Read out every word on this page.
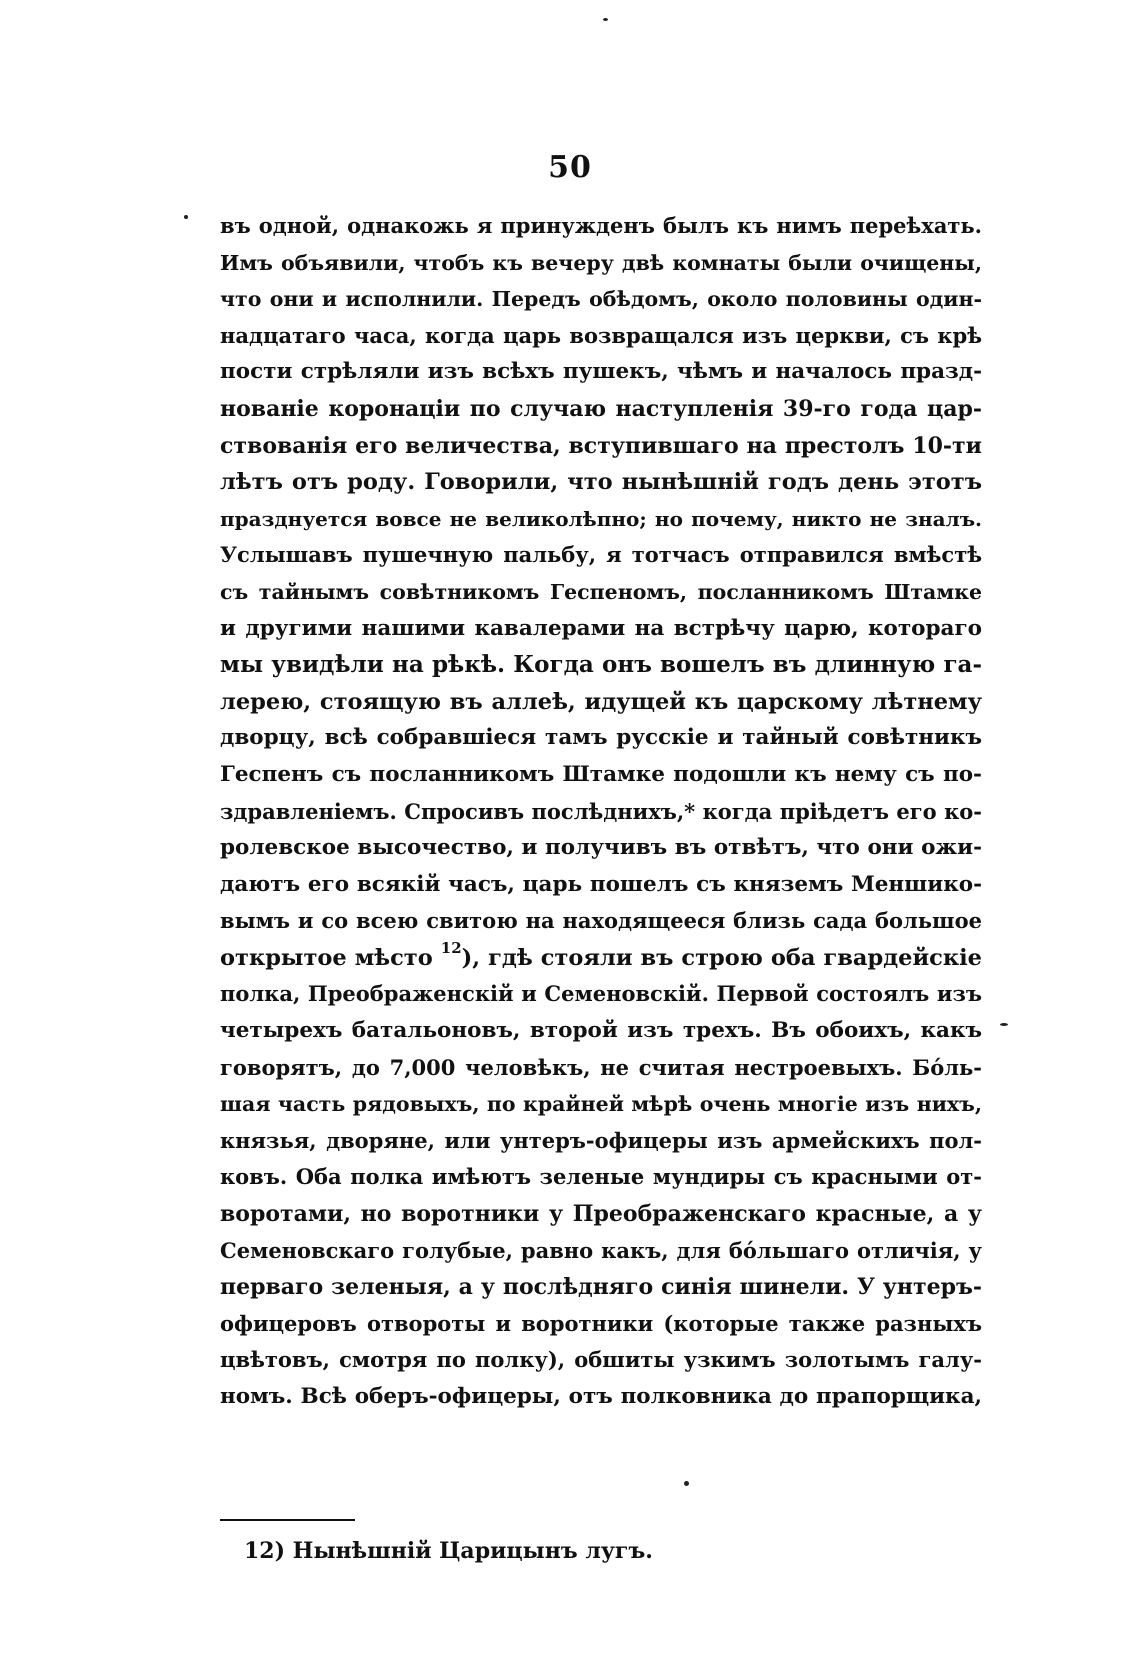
50
въ одной, однакожь я принужденъ былъ къ нимъ переѣхать.
Имъ объявили, чтобъ къ вечеру двѣ комнаты были очищены,
что они и исполнили. Передъ обѣдомъ, около половины один-
надцатаго часа, когда царь возвращался изъ церкви, съ крѣ
пости стрѣляли изъ всѣхъ пушекъ, чѣмъ и началось празд-
нованіе коронаціи по случаю наступленія 39-го года цар-
ствованія его величества, вступившаго на престолъ 10-ти
лѣтъ отъ роду. Говорили, что нынѣшній годъ день этотъ
празднуется вовсе не великолѣпно; но почему, никто не зналъ.
Услышавъ пушечную пальбу, я тотчасъ отправился вмѣстѣ
съ тайнымъ совѣтникомъ Геспеномъ, посланникомъ Штамке
и другими нашими кавалерами на встрѣчу царю, котораго
мы увидѣли на рѣкѣ. Когда онъ вошелъ въ длинную га-
лерею, стоящую въ аллеѣ, идущей къ царскому лѣтнему
дворцу, всѣ собравшіеся тамъ русскіе и тайный совѣтникъ
Геспенъ съ посланникомъ Штамке подошли къ нему съ по-
здравленіемъ. Спросивъ послѣднихъ,* когда пріѣдетъ его ко-
ролевское высочество, и получивъ въ отвѣтъ, что они ожи-
даютъ его всякій часъ, царь пошелъ съ княземъ Меншико-
вымъ и со всею свитою на находящееся близь сада большое
открытое мѣсто $^{12}$), гдѣ стояли въ строю оба гвардейскіе
полка, Преображенскій и Семеновскій. Первой состоялъ изъ
четырехъ батальоновъ, второй изъ трехъ. Въ обоихъ, какъ
говорятъ, до 7,000 человѣкъ, не считая нестроевыхъ. Бόль-
шая часть рядовыхъ, по крайней мѣрѣ очень многіе изъ нихъ,
князья, дворяне, или унтеръ-офицеры изъ армейскихъ пол-
ковъ. Оба полка имѣютъ зеленые мундиры съ красными от-
воротами, но воротники у Преображенскаго красные, а у
Семеновскаго голубые, равно какъ, для бόльшаго отличія, у
перваго зеленыя, а у послѣдняго синія шинели. У унтеръ-
офицеровъ отвороты и воротники (которые также разныхъ
цвѣтовъ, смотря по полку), обшиты узкимъ золотымъ галу-
номъ. Всѣ оберъ-офицеры, отъ полковника до прапорщика,
12) Нынѣшній Царицынъ лугъ.
